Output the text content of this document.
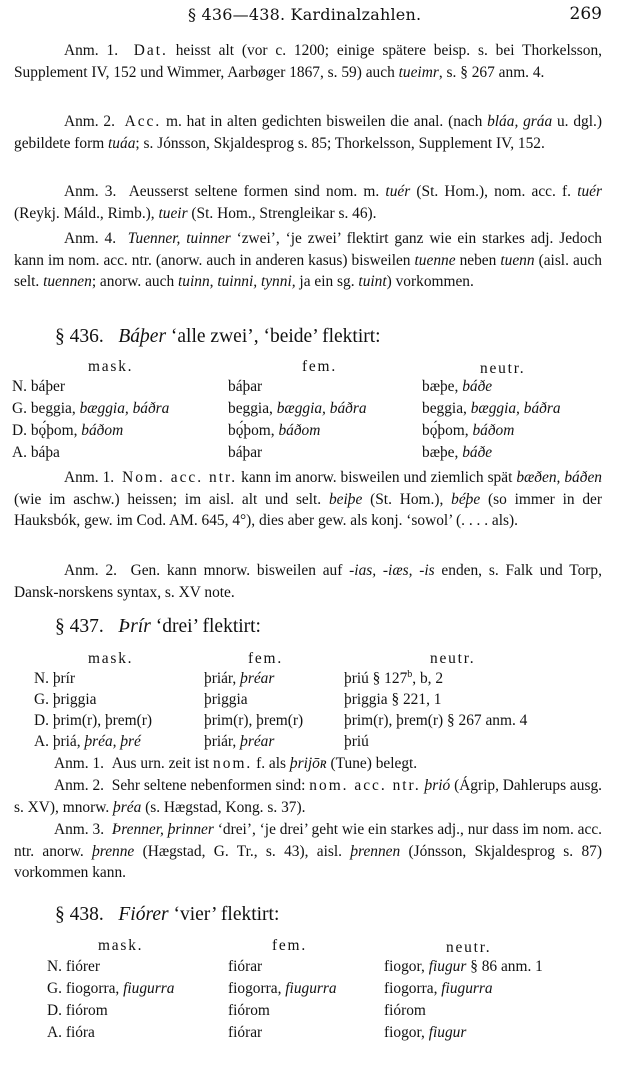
§ 436—438. Kardinalzahlen.	269
Anm. 1. Dat. heisst alt (vor c. 1200; einige spätere beisp. s. bei Thorkelsson, Supplement IV, 152 und Wimmer, Aarbøger 1867, s. 59) auch tueimr, s. § 267 anm. 4.
Anm. 2. Acc. m. hat in alten gedichten bisweilen die anal. (nach bláa, gráa u. dgl.) gebildete form tuáa; s. Jónsson, Skjaldesprog s. 85; Thorkelsson, Supplement IV, 152.
Anm. 3. Aeusserst seltene formen sind nom. m. tuér (St. Hom.), nom. acc. f. tuér (Reykj. Máld., Rimb.), tueir (St. Hom., Strengleikar s. 46).
Anm. 4. Tuenner, tuinner ‘zwei’, ‘je zwei’ flektirt ganz wie ein starkes adj. Jedoch kann im nom. acc. ntr. (anorw. auch in anderen kasus) bisweilen tuenne neben tuenn (aisl. auch selt. tuennen; anorw. auch tuinn, tuinni, tynni, ja ein sg. tuint) vorkommen.
§ 436. Báþer ‘alle zwei’, ‘beide’ flektirt:
mask.	fem.	neutr.
N. báþer	báþar	bæþe, báðe
G. beggia, bæggia, báðra	beggia, bæggia, báðra	beggia, bæggia, báðra
D. bǫ́þom, báðom	bǫ́þom, báðom	bǫ́þom, báðom
A. báþa	báþar	bæþe, báðe
Anm. 1. Nom. acc. ntr. kann im anorw. bisweilen und ziemlich spät bæðen, báðen (wie im aschw.) heissen; im aisl. alt und selt. beiþe (St. Hom.), béþe (so immer in der Hauksbók, gew. im Cod. AM. 645, 4°), dies aber gew. als konj. ‘sowol’ (. . . . als).
Anm. 2. Gen. kann mnorw. bisweilen auf -ias, -iæs, -is enden, s. Falk und Torp, Dansk-norskens syntax, s. XV note.
§ 437. Þrír ‘drei’ flektirt:
mask.	fem.	neutr.
N. þrír	þriár, þréar	þriú § 127$^b$, b, 2
G. þriggia	þriggia	þriggia § 221, 1
D. þrim(r), þrem(r)	þrim(r), þrem(r)	þrim(r), þrem(r) § 267 anm. 4
A. þriá, þréa, þré	þriár, þréar	þriú
Anm. 1. Aus urn. zeit ist nom. f. als þrijōʀ (Tune) belegt.
Anm. 2. Sehr seltene nebenformen sind: nom. acc. ntr. þrió (Ágrip, Dahlerups ausg. s. XV), mnorw. þréa (s. Hægstad, Kong. s. 37).
Anm. 3. Þrenner, þrinner ‘drei’, ‘je drei’ geht wie ein starkes adj., nur dass im nom. acc. ntr. anorw. þrenne (Hægstad, G. Tr., s. 43), aisl. þrennen (Jónsson, Skjaldesprog s. 87) vorkommen kann.
§ 438. Fiórer ‘vier’ flektirt:
mask.	fem.	neutr.
N. fiórer	fiórar	fiogor, fiugur § 86 anm. 1
G. fiogorra, fiugurra	fiogorra, fiugurra	fiogorra, fiugurra
D. fiórom	fiórom	fiórom
A. fióra	fiórar	fiogor, fiugur
